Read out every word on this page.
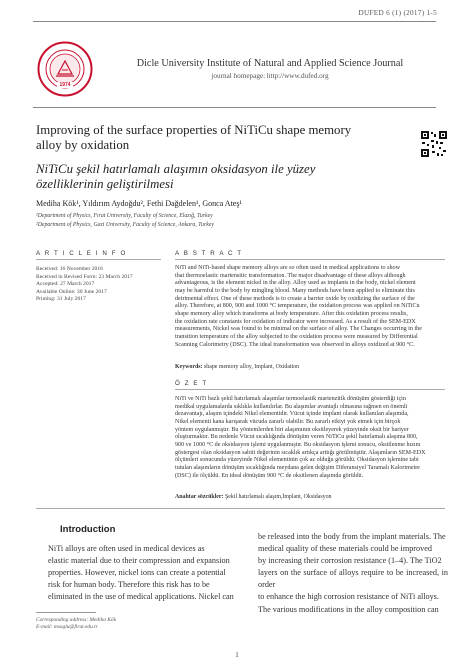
DUFED 6 (1) (2017) 1-5
1974
Dicle University Institute of Natural and Applied Science Journal
journal homepage: http://www.dufed.org
Improving of the surface properties of NiTiCu shape memory alloy by oxidation
NiTiCu şekil hatırlamalı alaşımın oksidasyon ile yüzey özelliklerinin geliştirilmesi
Mediha Kök¹, Yıldırım Aydoğdu², Fethi Dağdelen¹, Gonca Ateş¹
¹Department of Physics, Fırat University, Faculty of Science, Elazığ, Turkey
²Department of Physics, Gazi University, Faculty of Science, Ankara, Turkey
A R T I C L E I N F O	A B S T R A C T
Received: 16 November 2016
Received in Revised Form: 23 March 2017
Accepted: 27 March 2017
Available Online: 30 June 2017
Printing: 31 July 2017
NiTi and NiTi-based shape memory alloys are so often used in medical applications to show
that thermoelastic martensitic transformation. The major disadvantage of these alloys although
advantageous, is the element nickel in the alloy. Alloy used as implants in the body, nickel element
may be harmful to the body by mingling blood. Many methods have been applied to eliminate this
detrimental effect. One of these methods is to create a barrier oxide by oxidizing the surface of the
alloy. Therefore, at 800, 900 and 1000 °C temperature, the oxidation process was applied on NiTiCu
shape memory alloy which transforms at body temperature. After this oxidation process results,
the oxidation rate constants for oxidation of indicator were increased. As a result of the SEM-EDX
measurements, Nickel was found to be minimal on the surface of alloy. The Changes occurring in the
transition temperature of the alloy subjected to the oxidation process were measured by Differential
Scanning Calorimetry (DSC). The ideal transformation was observed in alloys oxidized at 900 °C.
Keywords: shape memory alloy, Implant, Oxidation
Ö Z E T
NiTi ve NiTi bazlı şekil hatırlamalı alaşımlar termoelastik martenzitik dönüşüm gösterdiği için
medikal uygulamalarda sıklıkla kullanılırlar. Bu alaşımlar avantajlı olmasına rağmen en önemli
dezavantajı, alaşım içindeki Nikel elementidir. Vücut içinde implant olarak kullanılan alaşımda,
Nikel elementi kana karışarak vücuda zararlı olabilir. Bu zararlı etkiyi yok etmek için birçok
yöntem uygulanmıştır. Bu yöntemlerden biri alaşımının oksitleyerek yüzeyinde oksit bir bariyer
oluşturmaktır. Bu nedenle Vücut sıcaklığında dönüşüm veren NiTiCu şekil hatırlamalı alaşıma 800,
900 ve 1000 °C de oksidasyon işlemi uygulanmıştır. Bu oksidasyon işlemi sonucu, oksitlenme hızını
göstergesi olan oksidasyon sabiti değerinin sıcaklık artıkça arttığı görülmüştür. Alaşımların SEM-EDX
ölçümleri sonucunda yüzeyinde Nikel elementinin çok az olduğu görüldü. Oksidasyon işlemine tabi
tutulan alaşımların dönüşüm sıcaklığında meydana gelen değişim Diferansiyel Taramalı Kalorimetre
(DSC) ile ölçüldü. En ideal dönüşüm 900 °C de oksitlenen alaşımda görüldü.
Anahtar sözcükler: Şekil hatırlamalı alaşım,İmplant, Oksidasyon
Introduction
NiTi alloys are often used in medical devices as
elastic material due to their compression and expansion
properties. However, nickel ions can create a potential
risk for human body. Therefore this risk has to be
eliminated in the use of medical applications. Nickel can
be released into the body from the implant materials. The
medical quality of these materials could be improved
by increasing their corrosion resistance (1–4). The TiO2
layers on the surface of alloys require to be increased, in order
to enhance the high corrosion resistance of NiTi alloys.
The various modifications in the alloy composition can
Corresponding address: Mediha Kök
E-mail: msoglu@firat.edu.tr
1
